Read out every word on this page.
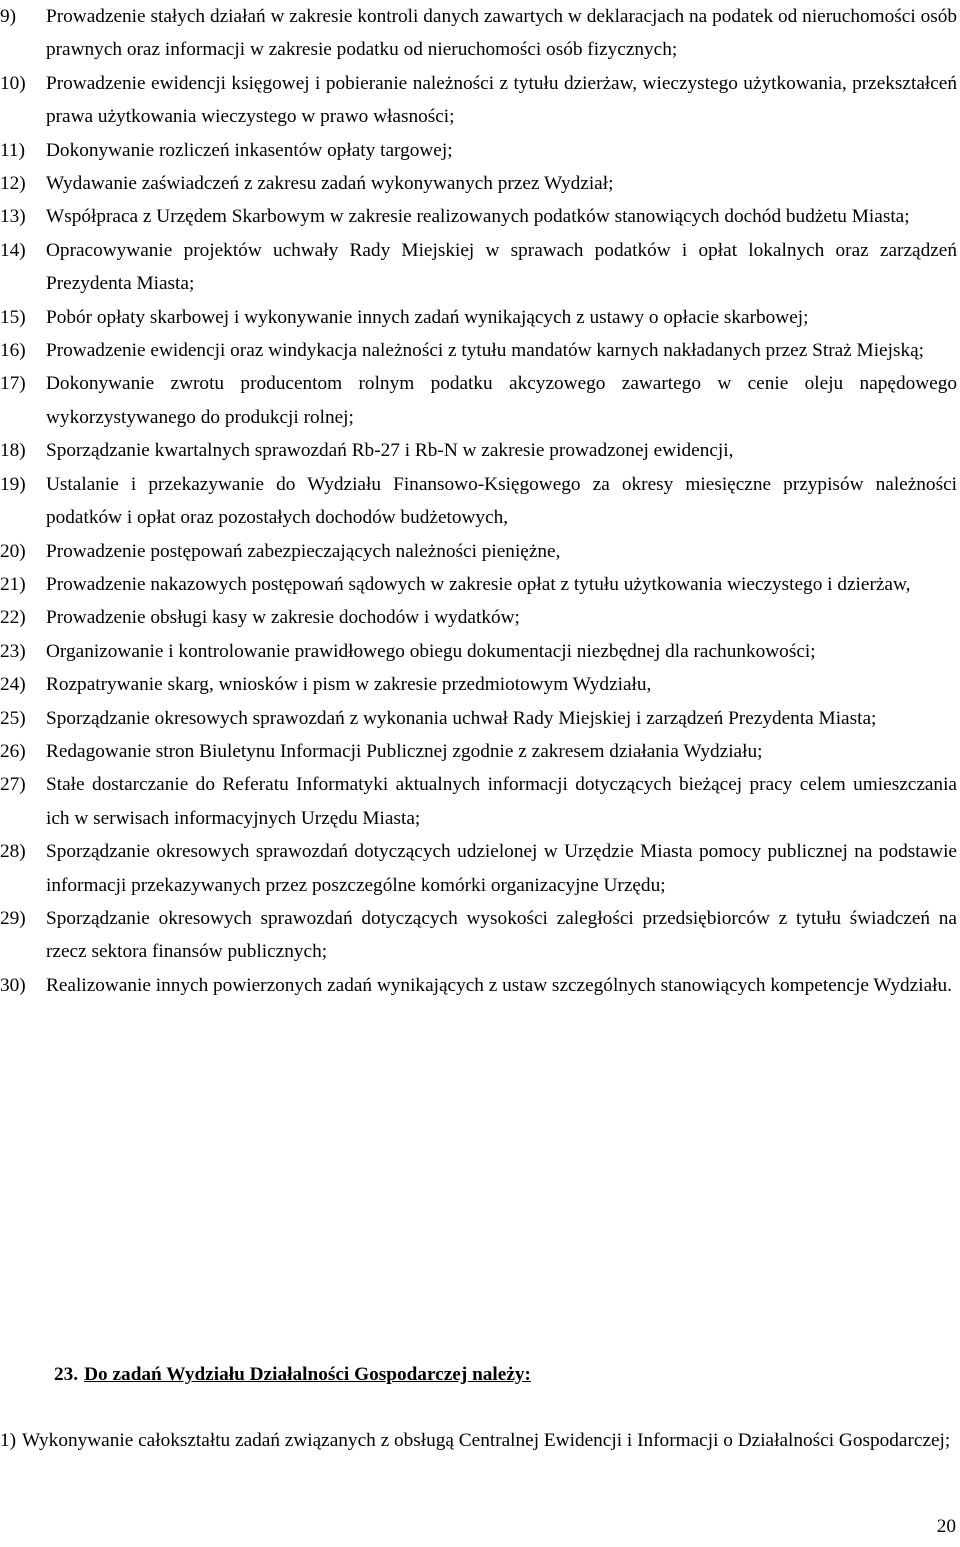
9) Prowadzenie stałych działań w zakresie kontroli danych zawartych w deklaracjach na podatek od nieruchomości osób prawnych oraz informacji w zakresie podatku od nieruchomości osób fizycznych;
10) Prowadzenie ewidencji księgowej i pobieranie należności z tytułu dzierżaw, wieczystego użytkowania, przekształceń prawa użytkowania wieczystego w prawo własności;
11) Dokonywanie rozliczeń inkasentów opłaty targowej;
12) Wydawanie zaświadczeń z zakresu zadań wykonywanych przez Wydział;
13) Współpraca z Urzędem Skarbowym w zakresie realizowanych podatków stanowiących dochód budżetu Miasta;
14) Opracowywanie projektów uchwały Rady Miejskiej w sprawach podatków i opłat lokalnych oraz zarządzeń Prezydenta Miasta;
15) Pobór opłaty skarbowej i wykonywanie innych zadań wynikających z ustawy o opłacie skarbowej;
16) Prowadzenie ewidencji oraz windykacja należności z tytułu mandatów karnych nakładanych przez Straż Miejską;
17) Dokonywanie zwrotu producentom rolnym podatku akcyzowego zawartego w cenie oleju napędowego wykorzystywanego do produkcji rolnej;
18) Sporządzanie kwartalnych sprawozdań Rb-27 i Rb-N w zakresie prowadzonej ewidencji,
19) Ustalanie i przekazywanie do Wydziału Finansowo-Księgowego za okresy miesięczne przypisów należności podatków i opłat oraz pozostałych dochodów budżetowych,
20) Prowadzenie postępowań zabezpieczających należności pieniężne,
21) Prowadzenie nakazowych postępowań sądowych w zakresie opłat z tytułu użytkowania wieczystego i dzierżaw,
22) Prowadzenie obsługi kasy w zakresie dochodów i wydatków;
23) Organizowanie i kontrolowanie prawidłowego obiegu dokumentacji niezbędnej dla rachunkowości;
24) Rozpatrywanie skarg, wniosków i pism w zakresie przedmiotowym Wydziału,
25) Sporządzanie okresowych sprawozdań z wykonania uchwał Rady Miejskiej i zarządzeń Prezydenta Miasta;
26) Redagowanie stron Biuletynu Informacji Publicznej zgodnie z zakresem działania Wydziału;
27) Stałe dostarczanie do Referatu Informatyki aktualnych informacji dotyczących bieżącej pracy celem umieszczania ich w serwisach informacyjnych Urzędu Miasta;
28) Sporządzanie okresowych sprawozdań dotyczących udzielonej w Urzędzie Miasta pomocy publicznej na podstawie informacji przekazywanych przez poszczególne komórki organizacyjne Urzędu;
29) Sporządzanie okresowych sprawozdań dotyczących wysokości zaległości przedsiębiorców z tytułu świadczeń na rzecz sektora finansów publicznych;
30) Realizowanie innych powierzonych zadań wynikających z ustaw szczególnych stanowiących kompetencje Wydziału.
23. Do zadań Wydziału Działalności Gospodarczej należy:
1) Wykonywanie całokształtu zadań związanych z obsługą Centralnej Ewidencji i Informacji o Działalności Gospodarczej;
20
